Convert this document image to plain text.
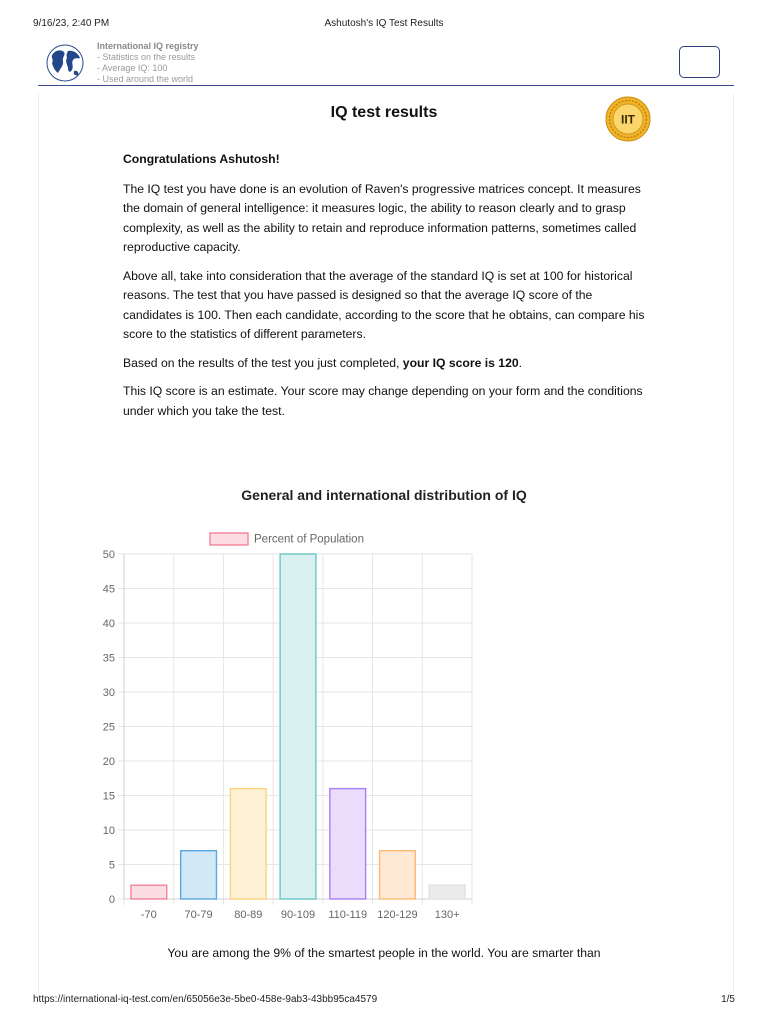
9/16/23, 2:40 PM	Ashutosh's IQ Test Results
International IQ registry
- Statistics on the results
- Average IQ: 100
- Used around the world
IQ test results	IIT

Congratulations Ashutosh!

The IQ test you have done is an evolution of Raven's progressive matrices concept. It measures the domain of general intelligence: it measures logic, the ability to reason clearly and to grasp complexity, as well as the ability to retain and reproduce information patterns, sometimes called reproductive capacity.

Above all, take into consideration that the average of the standard IQ is set at 100 for historical reasons. The test that you have passed is designed so that the average IQ score of the candidates is 100. Then each candidate, according to the score that he obtains, can compare his score to the statistics of different parameters.

Based on the results of the test you just completed, your IQ score is 120.

This IQ score is an estimate. Your score may change depending on your form and the conditions under which you take the test.

General and international distribution of IQ
0
5
10
15
20
25
30
35
40
45
50
-70	70-79 80-89 90-109 110-119 120-129 130+
Percent of Population
You are among the 9% of the smartest people in the world. You are smarter than
https://international-iq-test.com/en/65056e3e-5be0-458e-9ab3-43bb95ca4579	1/5
